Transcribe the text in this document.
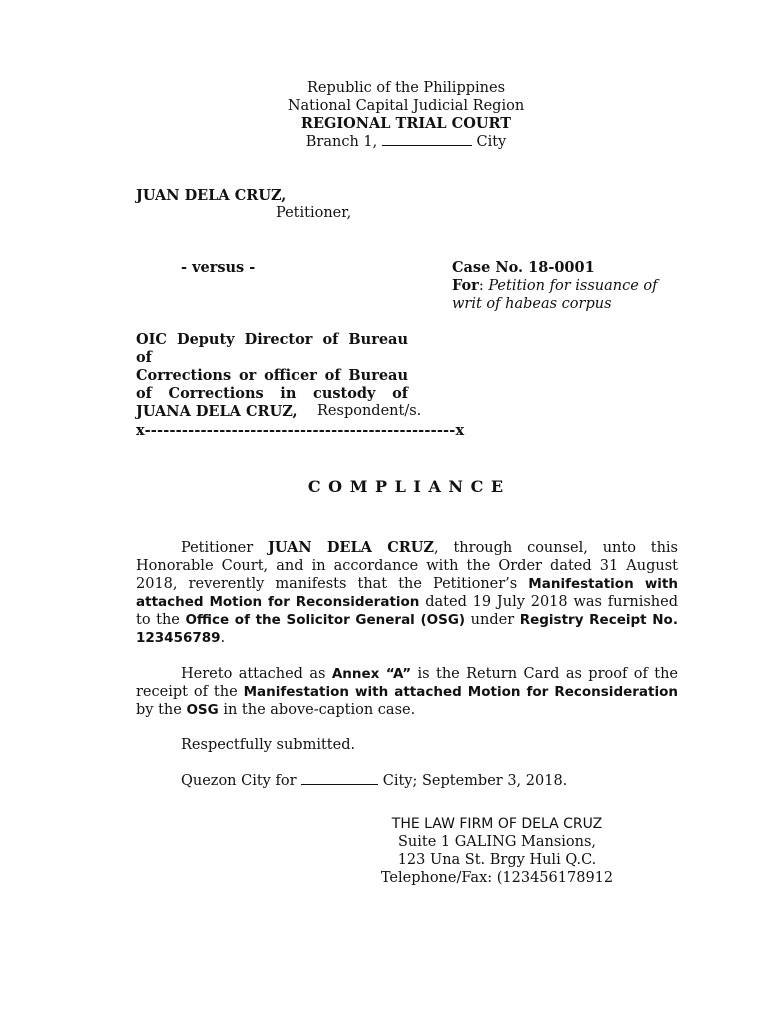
Republic of the Philippines
National Capital Judicial Region
REGIONAL TRIAL COURT
Branch 1,	City
JUAN DELA CRUZ,
Petitioner,
- versus -	Case No. 18-0001
For: Petition for issuance of
writ of habeas corpus
OIC Deputy Director of Bureau of
Corrections or officer of Bureau
of Corrections in custody of
JUANA DELA CRUZ,	Respondent/s.
x--------------------------------------------------x
C O M P L I A N C E
Petitioner JUAN DELA CRUZ, through counsel, unto this Honorable Court, and in accordance with the Order dated 31 August 2018, reverently manifests that the Petitioner’s Manifestation with attached Motion for Reconsideration dated 19 July 2018 was furnished to the Office of the Solicitor General (OSG) under Registry Receipt No. 123456789.
Hereto attached as Annex “A” is the Return Card as proof of the receipt of the Manifestation with attached Motion for Reconsideration by the OSG in the above-caption case.
Respectfully submitted.
Quezon City for	City; September 3, 2018.
THE LAW FIRM OF DELA CRUZ
Suite 1 GALING Mansions,
123 Una St. Brgy Huli Q.C.
Telephone/Fax: (123456178912
